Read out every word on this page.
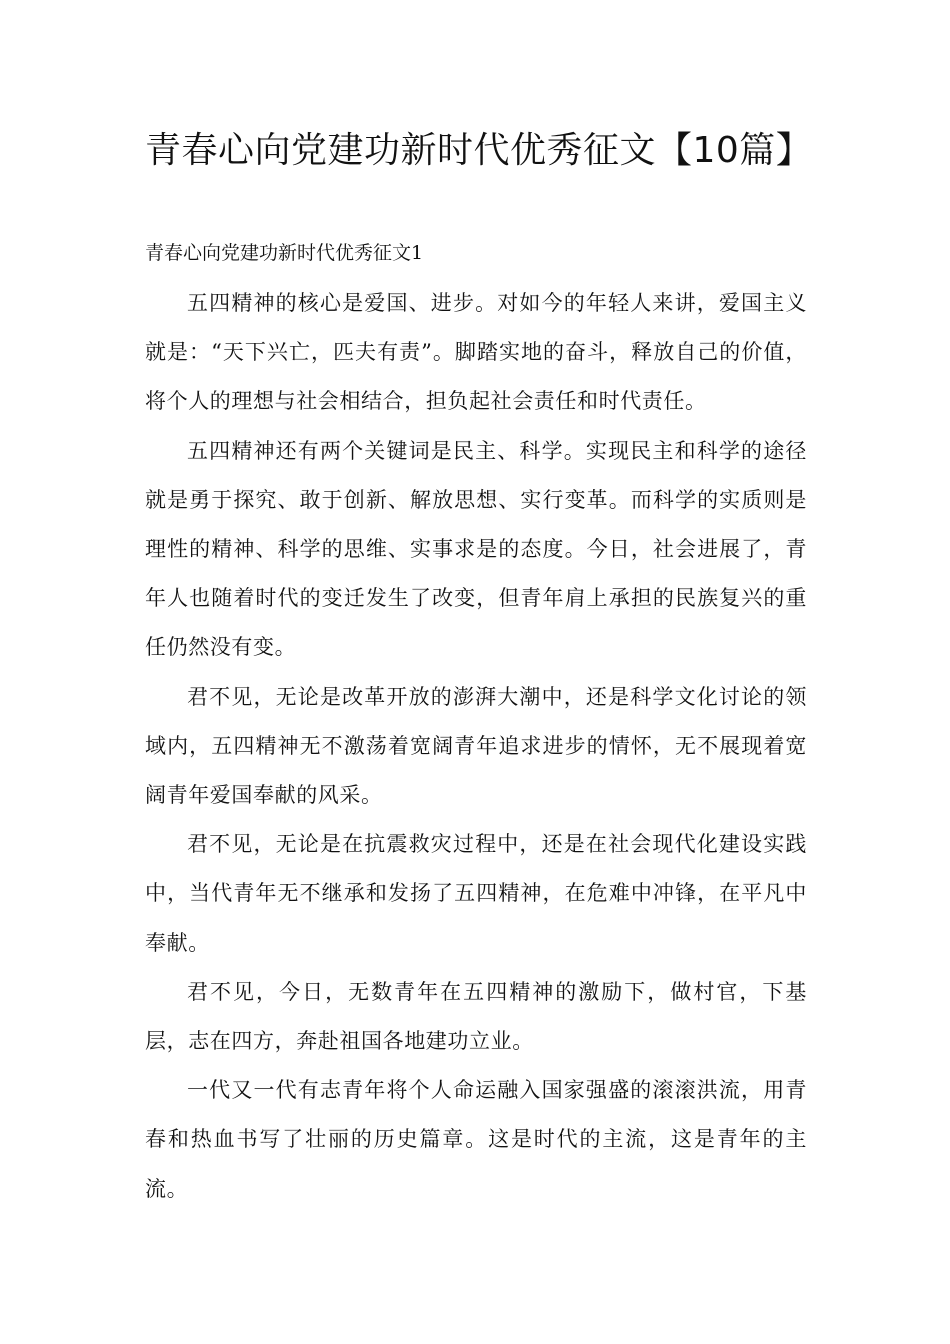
青春心向党建功新时代优秀征文【10篇】

青春心向党建功新时代优秀征文1

五四精神的核心是爱国、进步。对如今的年轻人来讲，爱国主义就是：“天下兴亡，匹夫有责”。脚踏实地的奋斗，释放自己的价值，将个人的理想与社会相结合，担负起社会责任和时代责任。

五四精神还有两个关键词是民主、科学。实现民主和科学的途径就是勇于探究、敢于创新、解放思想、实行变革。而科学的实质则是理性的精神、科学的思维、实事求是的态度。今日，社会进展了，青年人也随着时代的变迁发生了改变，但青年肩上承担的民族复兴的重任仍然没有变。

君不见，无论是改革开放的澎湃大潮中，还是科学文化讨论的领域内，五四精神无不激荡着宽阔青年追求进步的情怀，无不展现着宽阔青年爱国奉献的风采。

君不见，无论是在抗震救灾过程中，还是在社会现代化建设实践中，当代青年无不继承和发扬了五四精神，在危难中冲锋，在平凡中奉献。

君不见，今日，无数青年在五四精神的激励下，做村官，下基层，志在四方，奔赴祖国各地建功立业。

一代又一代有志青年将个人命运融入国家强盛的滚滚洪流，用青春和热血书写了壮丽的历史篇章。这是时代的主流，这是青年的主流。
